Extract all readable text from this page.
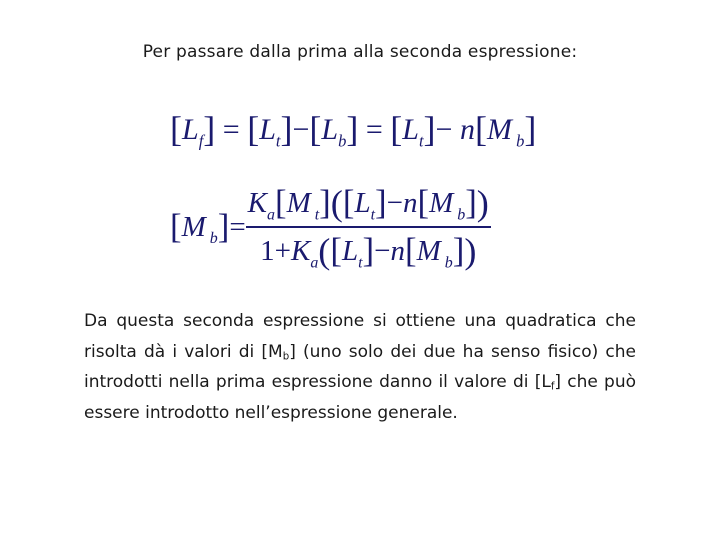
Per passare dalla prima alla seconda espressione:
$[L_f] = [L_t]-[L_b] = [L_t]- n[M$ $_b$]
[M $_b]= \frac{K_a[M _t]([L_t]-n[M _b])}{1+K_a([L_t]-n[M _b])}$
Da questa seconda espressione si ottiene una quadratica che risolta dà i valori di $[M_b]$ (uno solo dei due ha senso fisico) che introdotti nella prima espressione danno il valore di $[L_f]$ che può essere introdotto nell’espressione generale.
